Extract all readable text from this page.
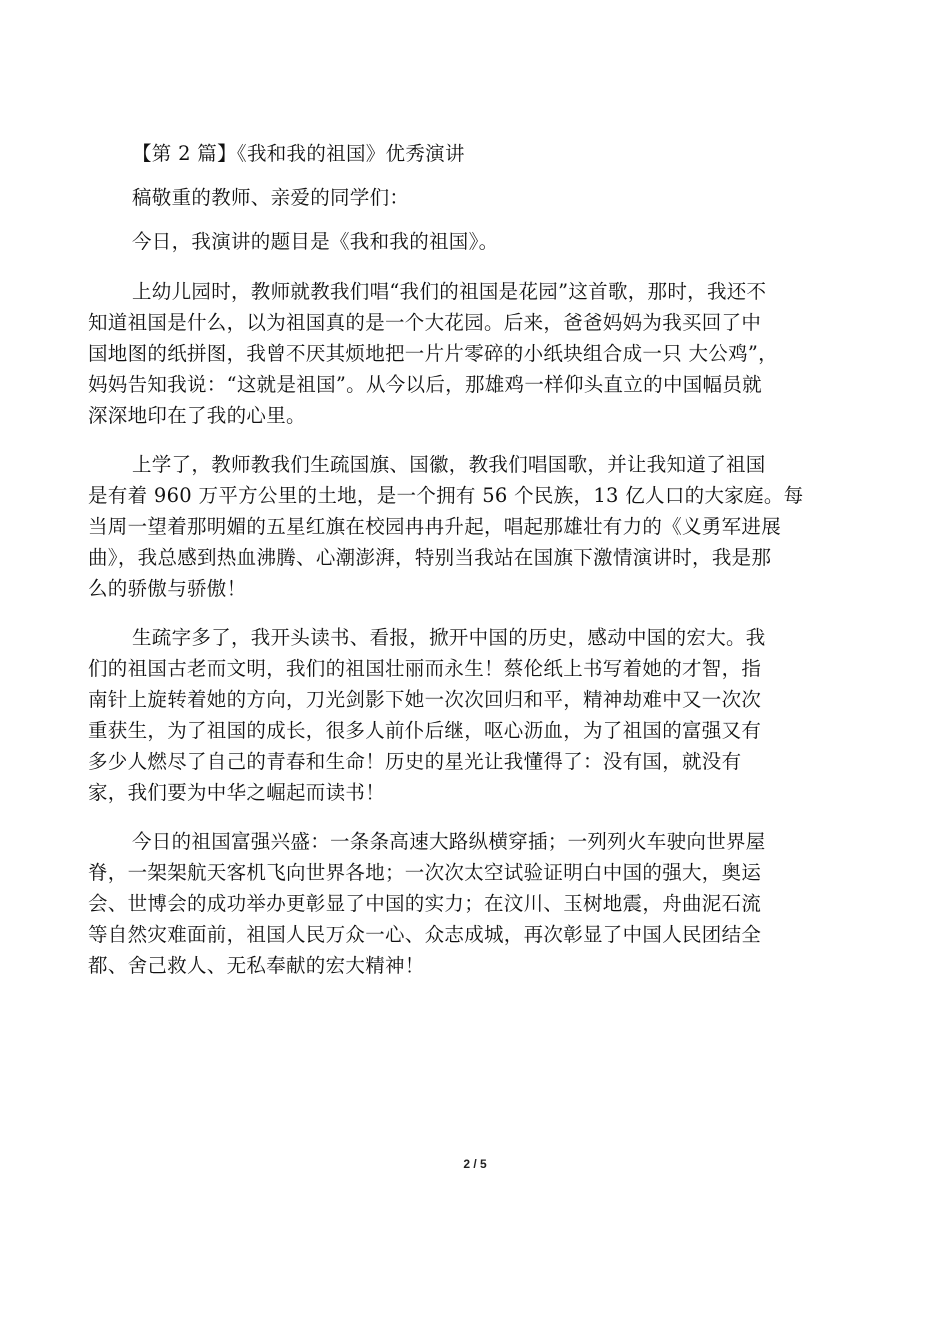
【第 2 篇】《我和我的祖国》优秀演讲
稿敬重的教师、亲爱的同学们：
今日，我演讲的题目是《我和我的祖国》。
上幼儿园时，教师就教我们唱“我们的祖国是花园”这首歌，那时，我还不
知道祖国是什么，以为祖国真的是一个大花园。后来，爸爸妈妈为我买回了中
国地图的纸拼图，我曾不厌其烦地把一片片零碎的小纸块组合成一只 大公鸡”，
妈妈告知我说：“这就是祖国”。从今以后，那雄鸡一样仰头直立的中国幅员就
深深地印在了我的心里。
上学了，教师教我们生疏国旗、国徽，教我们唱国歌，并让我知道了祖国
是有着 960 万平方公里的土地，是一个拥有 56 个民族，13 亿人口的大家庭。每
当周一望着那明媚的五星红旗在校园冉冉升起，唱起那雄壮有力的《义勇军进展
曲》，我总感到热血沸腾、心潮澎湃，特别当我站在国旗下激情演讲时，我是那
么的骄傲与骄傲！
生疏字多了，我开头读书、看报，掀开中国的历史，感动中国的宏大。我
们的祖国古老而文明，我们的祖国壮丽而永生！蔡伦纸上书写着她的才智，指
南针上旋转着她的方向，刀光剑影下她一次次回归和平，精神劫难中又一次次
重获生，为了祖国的成长，很多人前仆后继，呕心沥血，为了祖国的富强又有
多少人燃尽了自己的青春和生命！历史的星光让我懂得了：没有国，就没有
家，我们要为中华之崛起而读书！
今日的祖国富强兴盛：一条条高速大路纵横穿插；一列列火车驶向世界屋
脊，一架架航天客机飞向世界各地；一次次太空试验证明白中国的强大，奥运
会、世博会的成功举办更彰显了中国的实力；在汶川、玉树地震，舟曲泥石流
等自然灾难面前，祖国人民万众一心、众志成城，再次彰显了中国人民团结全
都、舍己救人、无私奉献的宏大精神！
2 / 5
